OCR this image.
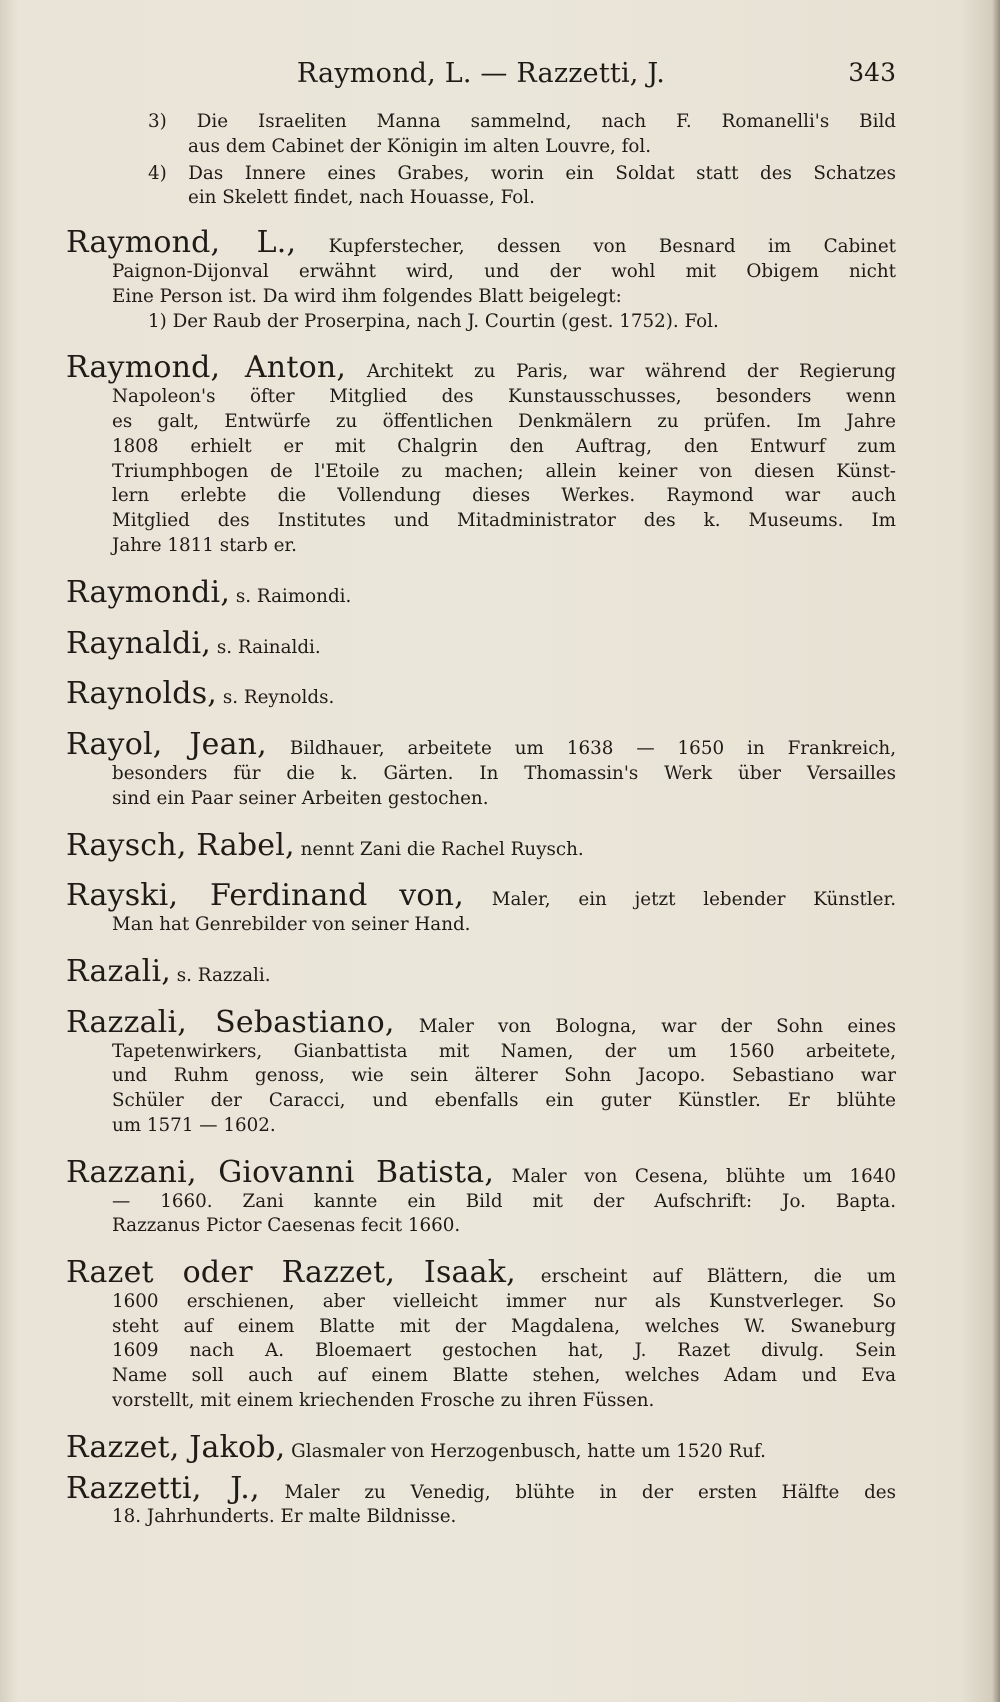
Raymond, L. — Razzetti, J.	343
3) Die Israeliten Manna sammelnd, nach F. Romanelli's Bild
aus dem Cabinet der Königin im alten Louvre, fol.
4) Das Innere eines Grabes, worin ein Soldat statt des Schatzes
ein Skelett findet, nach Houasse, Fol.
Raymond, L., Kupferstecher, dessen von Besnard im Cabinet
Paignon-Dijonval erwähnt wird, und der wohl mit Obigem nicht
Eine Person ist. Da wird ihm folgendes Blatt beigelegt:
1) Der Raub der Proserpina, nach J. Courtin (gest. 1752). Fol.
Raymond, Anton, Architekt zu Paris, war während der Regierung
Napoleon's öfter Mitglied des Kunstausschusses, besonders wenn
es galt, Entwürfe zu öffentlichen Denkmälern zu prüfen. Im Jahre
1808 erhielt er mit Chalgrin den Auftrag, den Entwurf zum
Triumphbogen de l'Etoile zu machen; allein keiner von diesen Künst-
lern erlebte die Vollendung dieses Werkes. Raymond war auch
Mitglied des Institutes und Mitadministrator des k. Museums. Im
Jahre 1811 starb er.
Raymondi, s. Raimondi.
Raynaldi, s. Rainaldi.
Raynolds, s. Reynolds.
Rayol, Jean, Bildhauer, arbeitete um 1638 — 1650 in Frankreich,
besonders für die k. Gärten. In Thomassin's Werk über Versailles
sind ein Paar seiner Arbeiten gestochen.
Raysch, Rabel, nennt Zani die Rachel Ruysch.
Rayski, Ferdinand von, Maler, ein jetzt lebender Künstler.
Man hat Genrebilder von seiner Hand.
Razali, s. Razzali.
Razzali, Sebastiano, Maler von Bologna, war der Sohn eines
Tapetenwirkers, Gianbattista mit Namen, der um 1560 arbeitete,
und Ruhm genoss, wie sein älterer Sohn Jacopo. Sebastiano war
Schüler der Caracci, und ebenfalls ein guter Künstler. Er blühte
um 1571 — 1602.
Razzani, Giovanni Batista, Maler von Cesena, blühte um 1640
— 1660. Zani kannte ein Bild mit der Aufschrift: Jo. Bapta.
Razzanus Pictor Caesenas fecit 1660.
Razet oder Razzet, Isaak, erscheint auf Blättern, die um
1600 erschienen, aber vielleicht immer nur als Kunstverleger. So
steht auf einem Blatte mit der Magdalena, welches W. Swaneburg
1609 nach A. Bloemaert gestochen hat, J. Razet divulg. Sein
Name soll auch auf einem Blatte stehen, welches Adam und Eva
vorstellt, mit einem kriechenden Frosche zu ihren Füssen.
Razzet, Jakob, Glasmaler von Herzogenbusch, hatte um 1520 Ruf.
Razzetti, J., Maler zu Venedig, blühte in der ersten Hälfte des
18. Jahrhunderts. Er malte Bildnisse.
